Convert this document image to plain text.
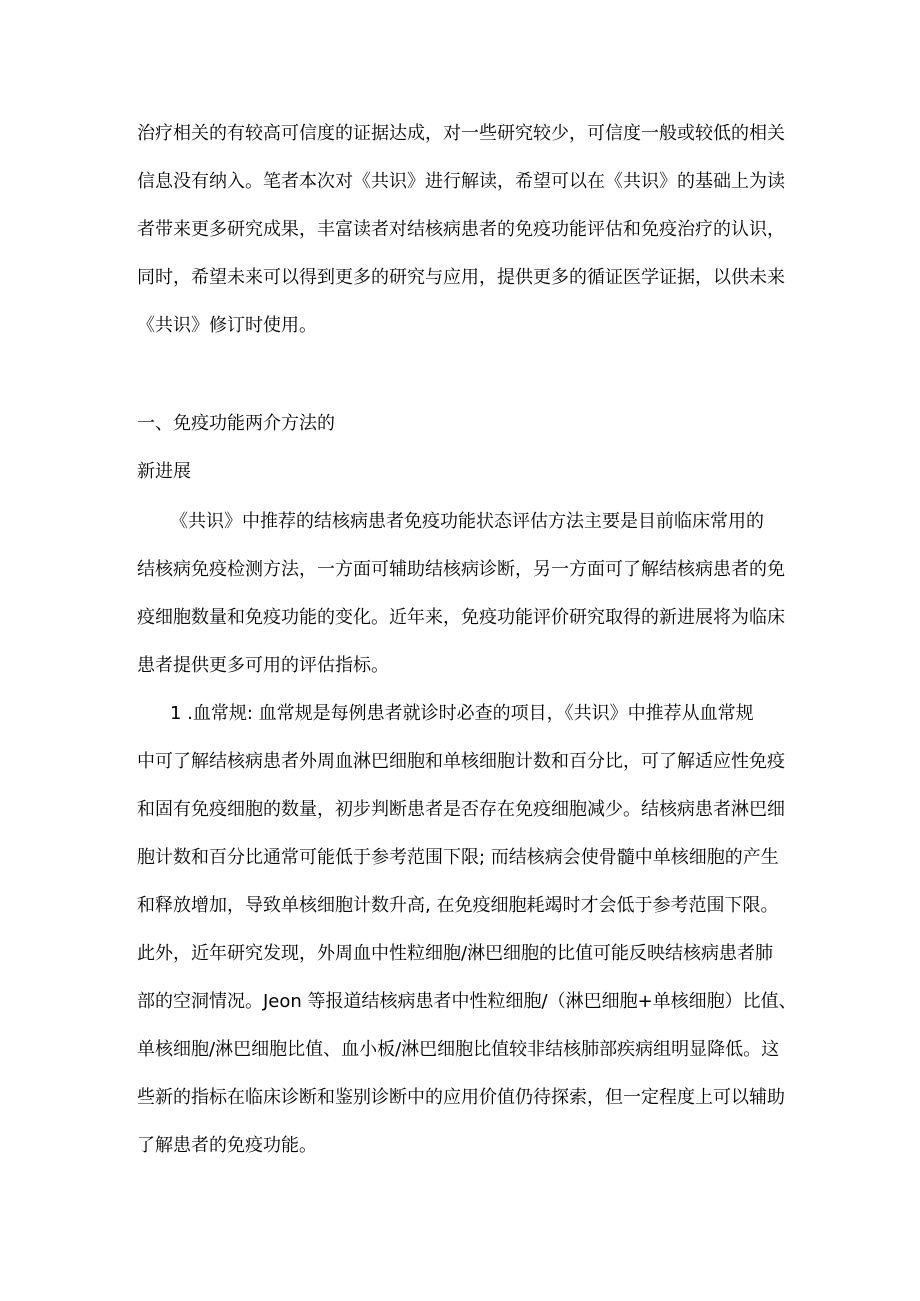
治疗相关的有较高可信度的证据达成，对一些研究较少，可信度一般或较低的相关
信息没有纳入。笔者本次对《共识》进行解读，希望可以在《共识》的基础上为读
者带来更多研究成果，丰富读者对结核病患者的免疫功能评估和免疫治疗的认识，
同时，希望未来可以得到更多的研究与应用，提供更多的循证医学证据，以供未来
《共识》修订时使用。
一、免疫功能两介方法的
新进展
《共识》中推荐的结核病患者免疫功能状态评估方法主要是目前临床常用的
结核病免疫检测方法，一方面可辅助结核病诊断，另一方面可了解结核病患者的免
疫细胞数量和免疫功能的变化。近年来，免疫功能评价研究取得的新进展将为临床
患者提供更多可用的评估指标。
1 .血常规: 血常规是每例患者就诊时必查的项目，《共识》中推荐从血常规
中可了解结核病患者外周血淋巴细胞和单核细胞计数和百分比，可了解适应性免疫
和固有免疫细胞的数量，初步判断患者是否存在免疫细胞减少。结核病患者淋巴细
胞计数和百分比通常可能低于参考范围下限; 而结核病会使骨髓中单核细胞的产生
和释放增加，导致单核细胞计数升高, 在免疫细胞耗竭时才会低于参考范围下限。
此外，近年研究发现，外周血中性粒细胞/淋巴细胞的比值可能反映结核病患者肺
部的空洞情况。Jeon 等报道结核病患者中性粒细胞/（淋巴细胞+单核细胞）比值、
单核细胞/淋巴细胞比值、血小板/淋巴细胞比值较非结核肺部疾病组明显降低。这
些新的指标在临床诊断和鉴别诊断中的应用价值仍待探索，但一定程度上可以辅助
了解患者的免疫功能。
